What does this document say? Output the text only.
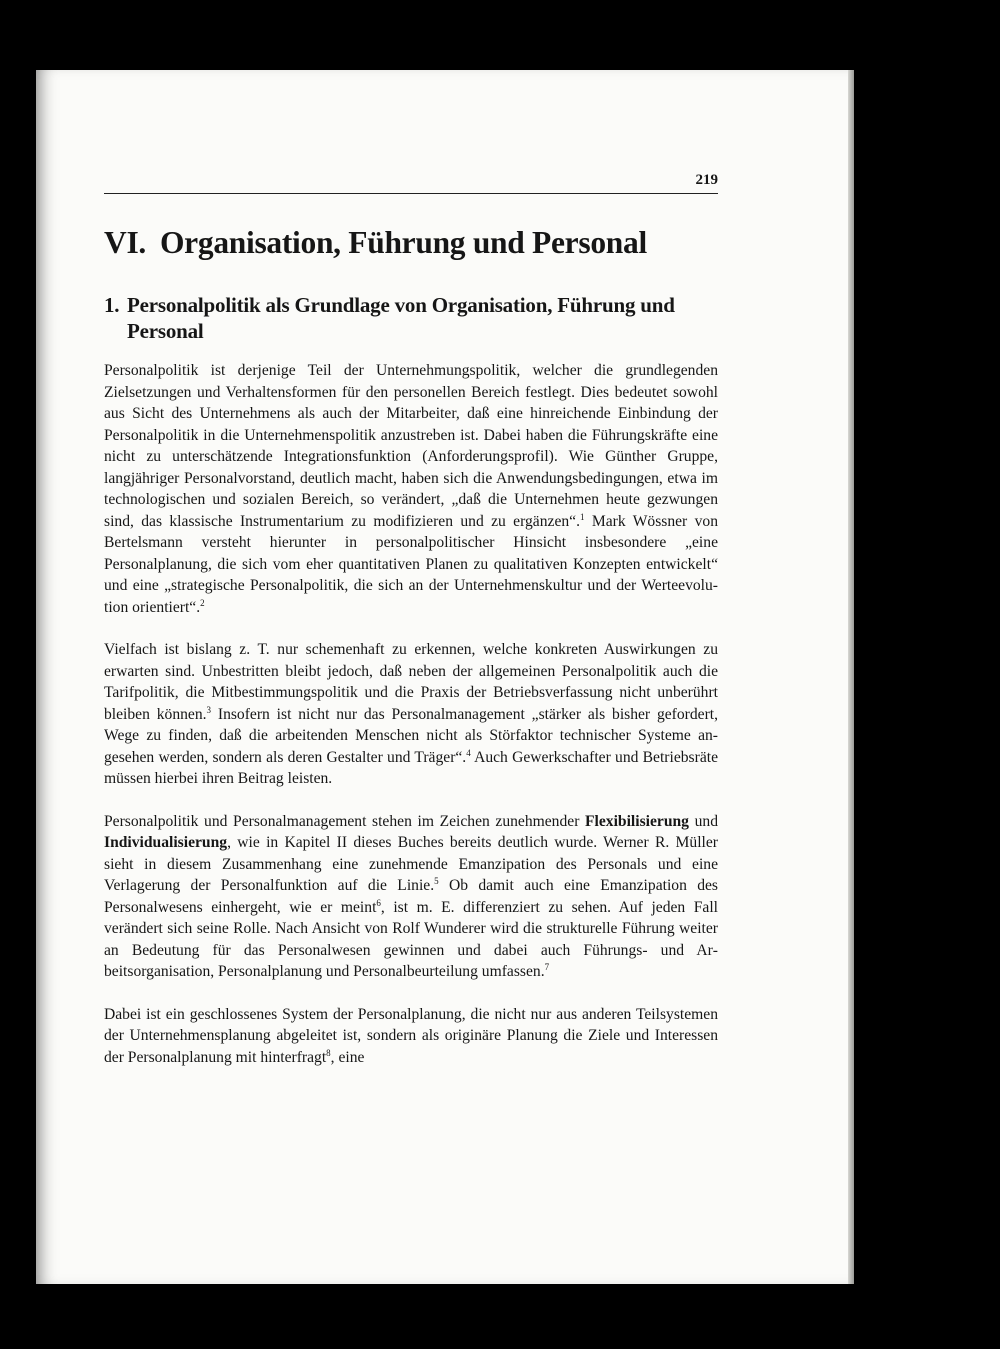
219
VI. Organisation, Führung und Personal
1. Personalpolitik als Grundlage von Organisation, Führung und Personal

Personalpolitik ist derjenige Teil der Unternehmungspolitik, welcher die grundlegenden Zielsetzungen und Verhaltensformen für den personellen Bereich festlegt. Dies bedeutet sowohl aus Sicht des Unternehmens als auch der Mitarbeiter, daß eine hinreichende Einbindung der Personalpolitik in die Unternehmenspolitik anzustreben ist. Dabei haben die Führungskräfte eine nicht zu unterschätzende Integrationsfunktion (Anforderungsprofil). Wie Günther Gruppe, langjähriger Personalvorstand, deutlich macht, haben sich die Anwendungsbedingungen, etwa im technologischen und sozialen Bereich, so verändert, „daß die Unternehmen heute gezwungen sind, das klassische Instrumentarium zu modifizieren und zu ergänzen“.$^1$ Mark Wössner von Bertelsmann versteht hierunter in personalpolitischer Hinsicht insbesondere „eine Personalplanung, die sich vom eher quantitativen Planen zu qualitativen Konzepten entwickelt“ und eine „strategische Personalpolitik, die sich an der Unternehmenskultur und der Werteevolution orientiert“.$^2$

Vielfach ist bislang z. T. nur schemenhaft zu erkennen, welche konkreten Auswirkungen zu erwarten sind. Unbestritten bleibt jedoch, daß neben der allgemeinen Personalpolitik auch die Tarifpolitik, die Mitbestimmungspolitik und die Praxis der Betriebsverfassung nicht unberührt bleiben können.$^3$ Insofern ist nicht nur das Personalmanagement „stärker als bisher gefordert, Wege zu finden, daß die arbeitenden Menschen nicht als Störfaktor technischer Systeme angesehen werden, sondern als deren Gestalter und Träger“.$^4$ Auch Gewerkschafter und Betriebsräte müssen hierbei ihren Beitrag leisten.

Personalpolitik und Personalmanagement stehen im Zeichen zunehmender Flexibilisierung und Individualisierung, wie in Kapitel II dieses Buches bereits deutlich wurde. Werner R. Müller sieht in diesem Zusammenhang eine zunehmende Emanzipation des Personals und eine Verlagerung der Personalfunktion auf die Linie.$^5$ Ob damit auch eine Emanzipation des Personalwesens einhergeht, wie er meint$^6$, ist m. E. differenziert zu sehen. Auf jeden Fall verändert sich seine Rolle. Nach Ansicht von Rolf Wunderer wird die strukturelle Führung weiter an Bedeutung für das Personalwesen gewinnen und dabei auch Führungs- und Arbeitsorganisation, Personalplanung und Personalbeurteilung umfassen.$^7$

Dabei ist ein geschlossenes System der Personalplanung, die nicht nur aus anderen Teilsystemen der Unternehmensplanung abgeleitet ist, sondern als originäre Planung die Ziele und Interessen der Personalplanung mit hinterfragt$^8$, eine
